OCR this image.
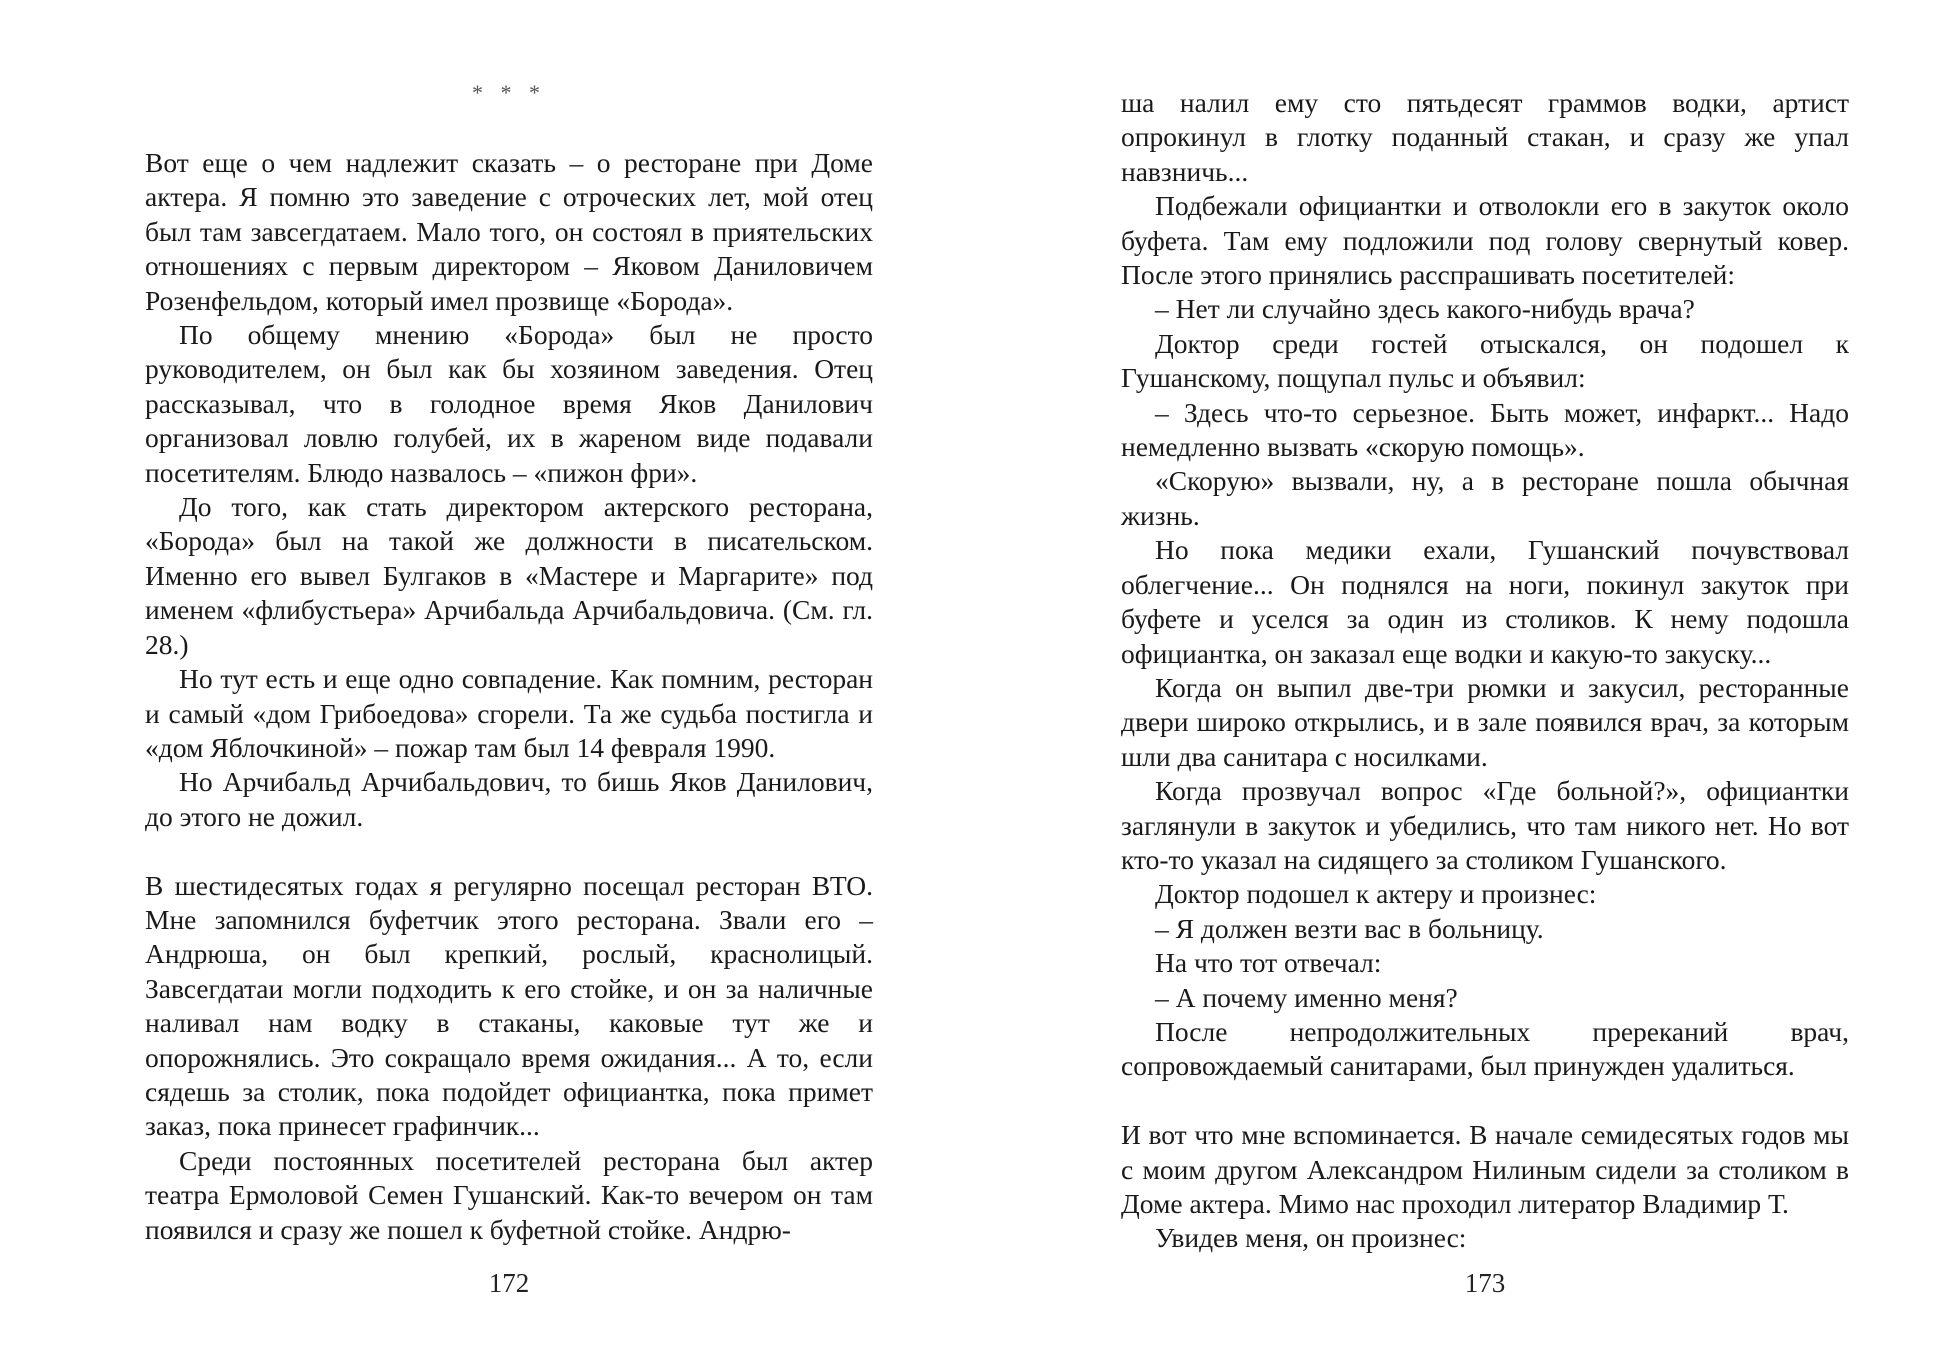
* * *

Вот еще о чем надлежит сказать – о ресторане при Доме актера. Я помню это заведение с отроческих лет, мой отец был там завсегдатаем. Мало того, он состоял в приятельских отношениях с первым директором – Яковом Даниловичем Розенфельдом, который имел прозвище «Борода».

По общему мнению «Борода» был не просто руководителем, он был как бы хозяином заведения. Отец рассказывал, что в голодное время Яков Данилович организовал ловлю голубей, их в жареном виде подавали посетителям. Блюдо назвалось – «пижон фри».

До того, как стать директором актерского ресторана, «Борода» был на такой же должности в писательском. Именно его вывел Булгаков в «Мастере и Маргарите» под именем «флибустьера» Арчибальда Арчибальдовича. (См. гл. 28.)

Но тут есть и еще одно совпадение. Как помним, ресторан и самый «дом Грибоедова» сгорели. Та же судьба постигла и «дом Яблочкиной» – пожар там был 14 февраля 1990.

Но Арчибальд Арчибальдович, то бишь Яков Данилович, до этого не дожил.

В шестидесятых годах я регулярно посещал ресторан ВТО. Мне запомнился буфетчик этого ресторана. Звали его – Андрюша, он был крепкий, рослый, краснолицый. Завсегдатаи могли подходить к его стойке, и он за наличные наливал нам водку в стаканы, каковые тут же и опорожнялись. Это сокращало время ожидания... А то, если сядешь за столик, пока подойдет официантка, пока примет заказ, пока принесет графинчик...

Среди постоянных посетителей ресторана был актер театра Ермоловой Семен Гушанский. Как-то вечером он там появился и сразу же пошел к буфетной стойке. Андрю-

172

ша налил ему сто пятьдесят граммов водки, артист опрокинул в глотку поданный стакан, и сразу же упал навзничь...

Подбежали официантки и отволокли его в закуток около буфета. Там ему подложили под голову свернутый ковер. После этого принялись расспрашивать посетителей:

– Нет ли случайно здесь какого-нибудь врача?

Доктор среди гостей отыскался, он подошел к Гушанскому, пощупал пульс и объявил:

– Здесь что-то серьезное. Быть может, инфаркт... Надо немедленно вызвать «скорую помощь».

«Скорую» вызвали, ну, а в ресторане пошла обычная жизнь.

Но пока медики ехали, Гушанский почувствовал облегчение... Он поднялся на ноги, покинул закуток при буфете и уселся за один из столиков. К нему подошла официантка, он заказал еще водки и какую-то закуску...

Когда он выпил две-три рюмки и закусил, ресторанные двери широко открылись, и в зале появился врач, за которым шли два санитара с носилками.

Когда прозвучал вопрос «Где больной?», официантки заглянули в закуток и убедились, что там никого нет. Но вот кто-то указал на сидящего за столиком Гушанского.

Доктор подошел к актеру и произнес:

– Я должен везти вас в больницу.

На что тот отвечал:

– А почему именно меня?

После непродолжительных пререканий врач, сопровождаемый санитарами, был принужден удалиться.

И вот что мне вспоминается. В начале семидесятых годов мы с моим другом Александром Нилиным сидели за столиком в Доме актера. Мимо нас проходил литератор Владимир Т.

Увидев меня, он произнес:

173
